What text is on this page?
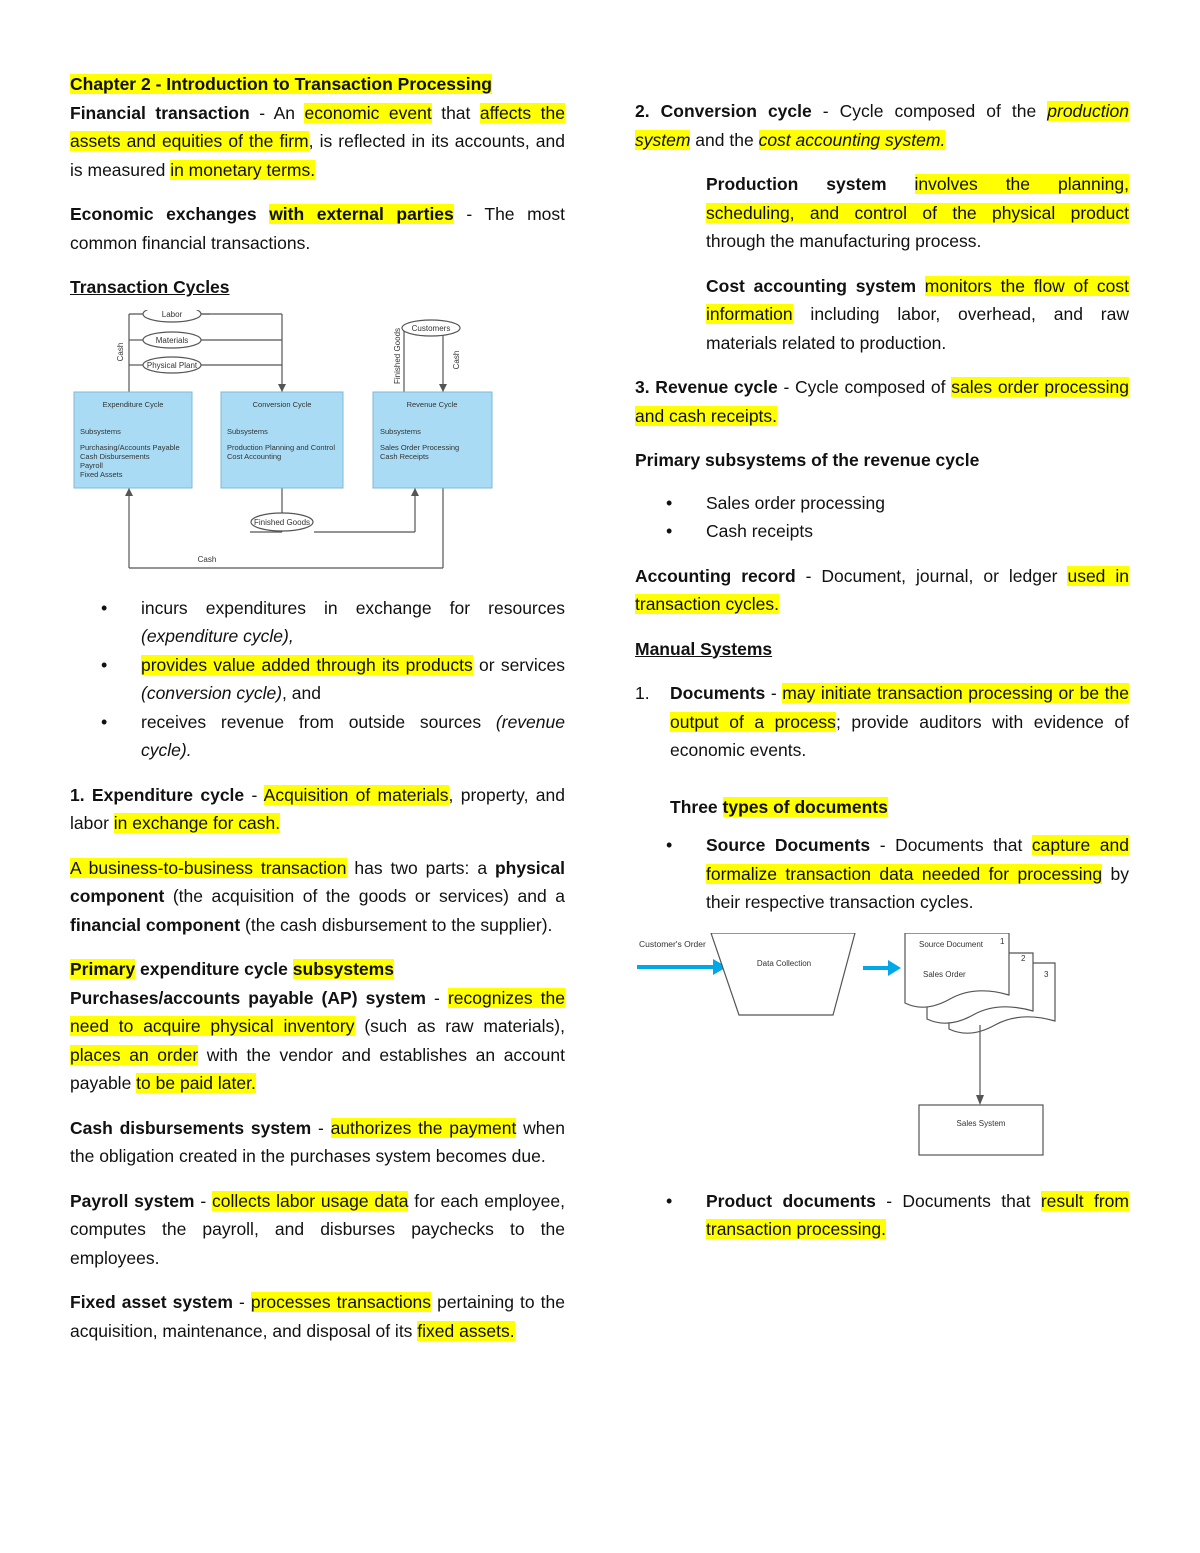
Chapter 2 - Introduction to Transaction Processing

Financial transaction - An economic event that affects the assets and equities of the firm, is reflected in its accounts, and is measured in monetary terms.

Economic exchanges with external parties - The most common financial transactions.

Transaction Cycles

Labor
Materials
Physical Plant
Customers
Finished Goods
Cash
Cash	Finished Goods	Cash
Expenditure Cycle
Subsystems
Purchasing/Accounts Payable
Cash Disbursements
Payroll
Fixed Assets
Conversion Cycle
Subsystems
Production Planning and Control
Cost Accounting
Revenue Cycle
Subsystems
Sales Order Processing
Cash Receipts
• incurs expenditures in exchange for resources (expenditure cycle),
• provides value added through its products or services (conversion cycle), and
• receives revenue from outside sources (revenue cycle).

1. Expenditure cycle - Acquisition of materials, property, and labor in exchange for cash.

A business-to-business transaction has two parts: a physical component (the acquisition of the goods or services) and a financial component (the cash disbursement to the supplier).

Primary expenditure cycle subsystems

Purchases/accounts payable (AP) system - recognizes the need to acquire physical inventory (such as raw materials), places an order with the vendor and establishes an account payable to be paid later.

Cash disbursements system - authorizes the payment when the obligation created in the purchases system becomes due.

Payroll system - collects labor usage data for each employee, computes the payroll, and disburses paychecks to the employees.

Fixed asset system - processes transactions pertaining to the acquisition, maintenance, and disposal of its fixed assets.

2. Conversion cycle - Cycle composed of the production system and the cost accounting system.

Production system involves the planning, scheduling, and control of the physical product through the manufacturing process.

Cost accounting system monitors the flow of cost information including labor, overhead, and raw materials related to production.

3. Revenue cycle - Cycle composed of sales order processing and cash receipts.

Primary subsystems of the revenue cycle

• Sales order processing
• Cash receipts

Accounting record - Document, journal, or ledger used in transaction cycles.

Manual Systems

1. Documents - may initiate transaction processing or be the output of a process; provide auditors with evidence of economic events.

Three types of documents

• Source Documents - Documents that capture and formalize transaction data needed for processing by their respective transaction cycles.
Customer's Order
Data Collection
Source Document
Sales Order
1
2
3
Sales System
• Product documents - Documents that result from transaction processing.
